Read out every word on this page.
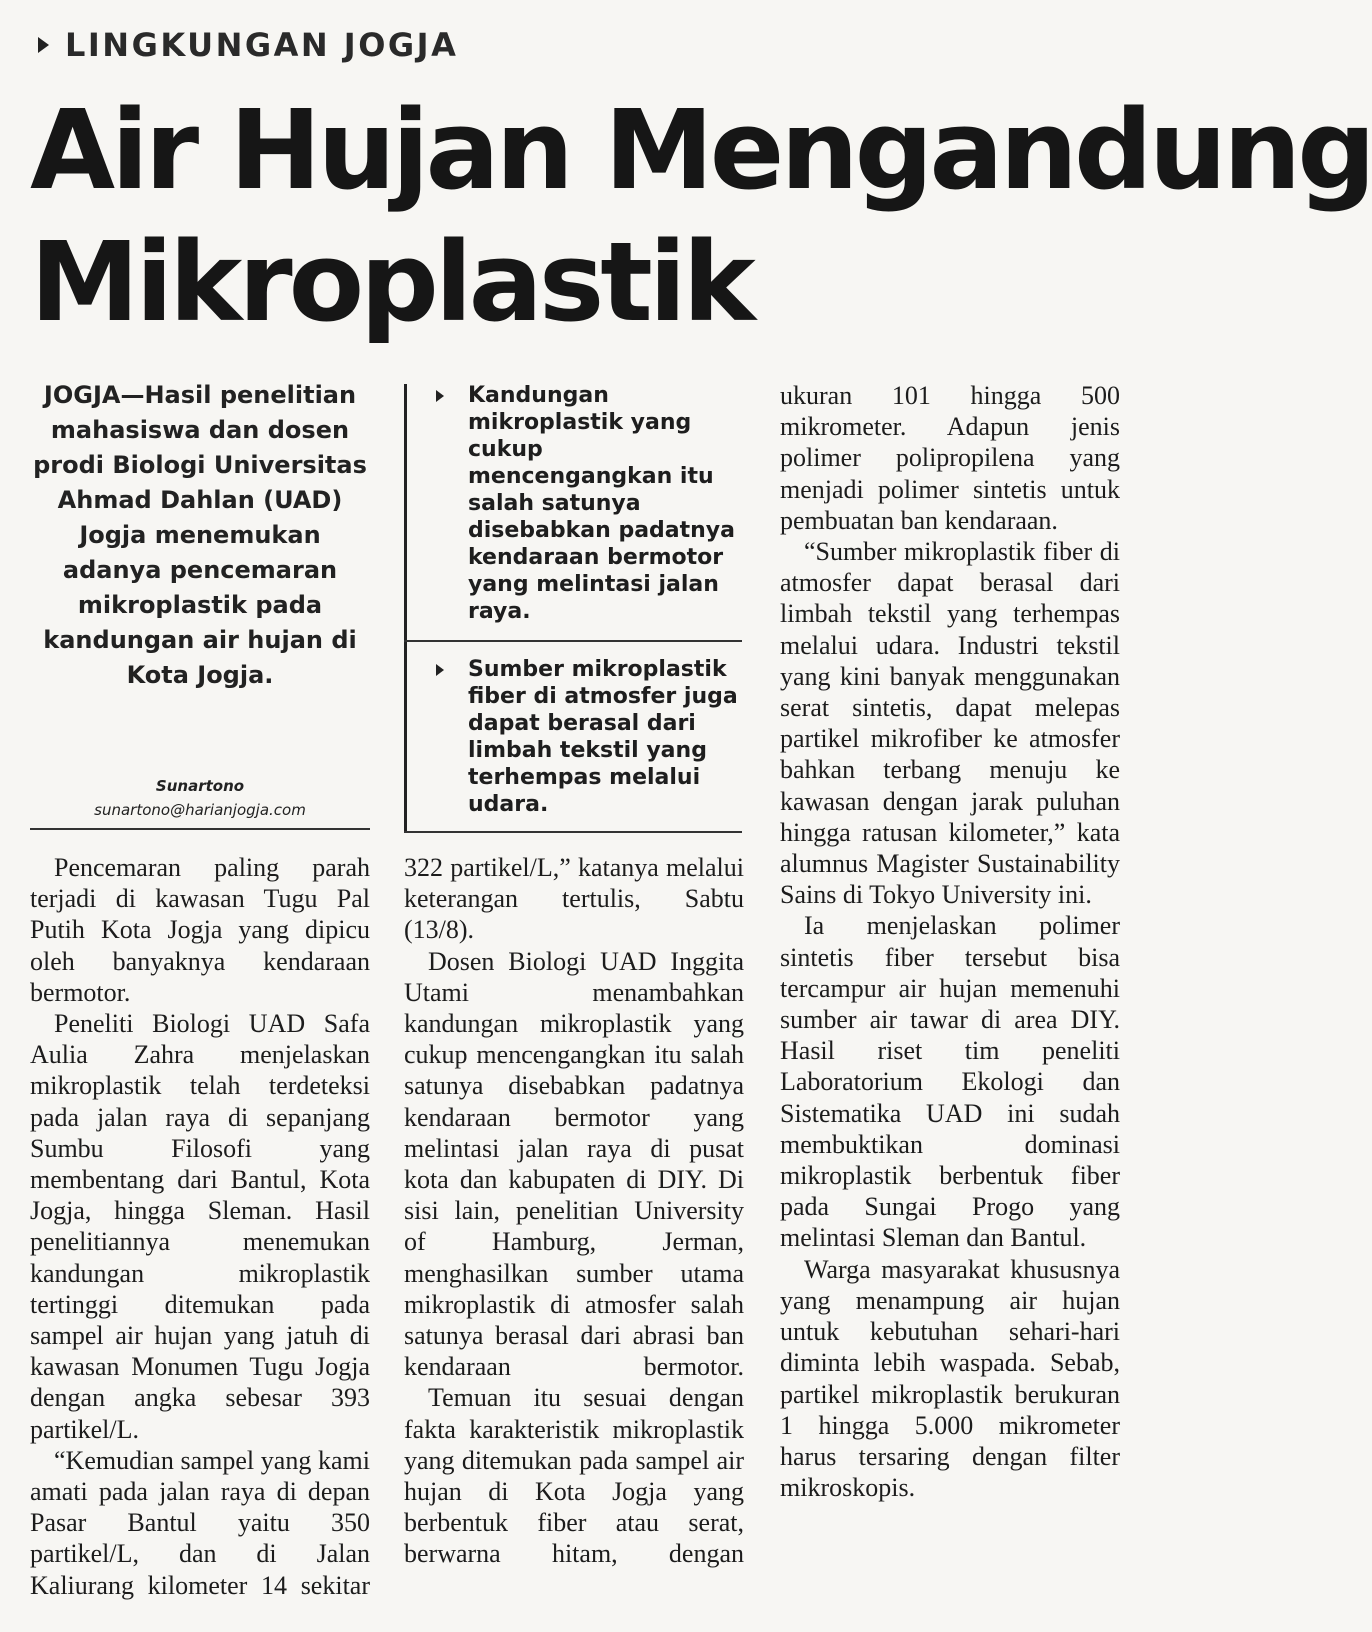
LINGKUNGAN JOGJA
Air Hujan Mengandung
Mikroplastik
JOGJA—Hasil penelitian mahasiswa dan dosen prodi Biologi Universitas Ahmad Dahlan (UAD) Jogja menemukan adanya pencemaran mikroplastik pada kandungan air hujan di Kota Jogja.
Sunartono
sunartono@harianjogja.com
Kandungan mikroplastik yang cukup mencengangkan itu salah satunya disebabkan padatnya kendaraan bermotor yang melintasi jalan raya.
Sumber mikroplastik fiber di atmosfer juga dapat berasal dari limbah tekstil yang terhempas melalui udara.

Pencemaran paling parah terjadi di kawasan Tugu Pal Putih Kota Jogja yang dipicu oleh banyaknya kendaraan bermotor.

Peneliti Biologi UAD Safa Aulia Zahra menjelaskan mikroplastik telah terdeteksi pada jalan raya di sepanjang Sumbu Filosofi yang membentang dari Bantul, Kota Jogja, hingga Sleman. Hasil penelitiannya menemukan kandungan mikroplastik tertinggi ditemukan pada sampel air hujan yang jatuh di kawasan Monumen Tugu Jogja dengan angka sebesar 393 partikel/L.

“Kemudian sampel yang kami amati pada jalan raya di depan Pasar Bantul yaitu 350 partikel/L, dan di Jalan Kaliurang kilometer 14 sekitar

322 partikel/L,” katanya melalui keterangan tertulis, Sabtu (13/8).

Dosen Biologi UAD Inggita Utami menambahkan kandungan mikroplastik yang cukup mencengangkan itu salah satunya disebabkan padatnya kendaraan bermotor yang melintasi jalan raya di pusat kota dan kabupaten di DIY. Di sisi lain, penelitian University of Hamburg, Jerman, menghasilkan sumber utama mikroplastik di atmosfer salah satunya berasal dari abrasi ban kendaraan bermotor.

Temuan itu sesuai dengan fakta karakteristik mikroplastik yang ditemukan pada sampel air hujan di Kota Jogja yang berbentuk fiber atau serat, berwarna hitam, dengan

ukuran 101 hingga 500 mikrometer. Adapun jenis polimer polipropilena yang menjadi polimer sintetis untuk pembuatan ban kendaraan.

“Sumber mikroplastik fiber di atmosfer dapat berasal dari limbah tekstil yang terhempas melalui udara. Industri tekstil yang kini banyak menggunakan serat sintetis, dapat melepas partikel mikrofiber ke atmosfer bahkan terbang menuju ke kawasan dengan jarak puluhan hingga ratusan kilometer,” kata alumnus Magister Sustainability Sains di Tokyo University ini.

Ia menjelaskan polimer sintetis fiber tersebut bisa tercampur air hujan memenuhi sumber air tawar di area DIY. Hasil riset tim peneliti Laboratorium Ekologi dan Sistematika UAD ini sudah membuktikan dominasi mikroplastik berbentuk fiber pada Sungai Progo yang melintasi Sleman dan Bantul.

Warga masyarakat khususnya yang menampung air hujan untuk kebutuhan sehari-hari diminta lebih waspada. Sebab, partikel mikroplastik berukuran 1 hingga 5.000 mikrometer harus tersaring dengan filter mikroskopis.
